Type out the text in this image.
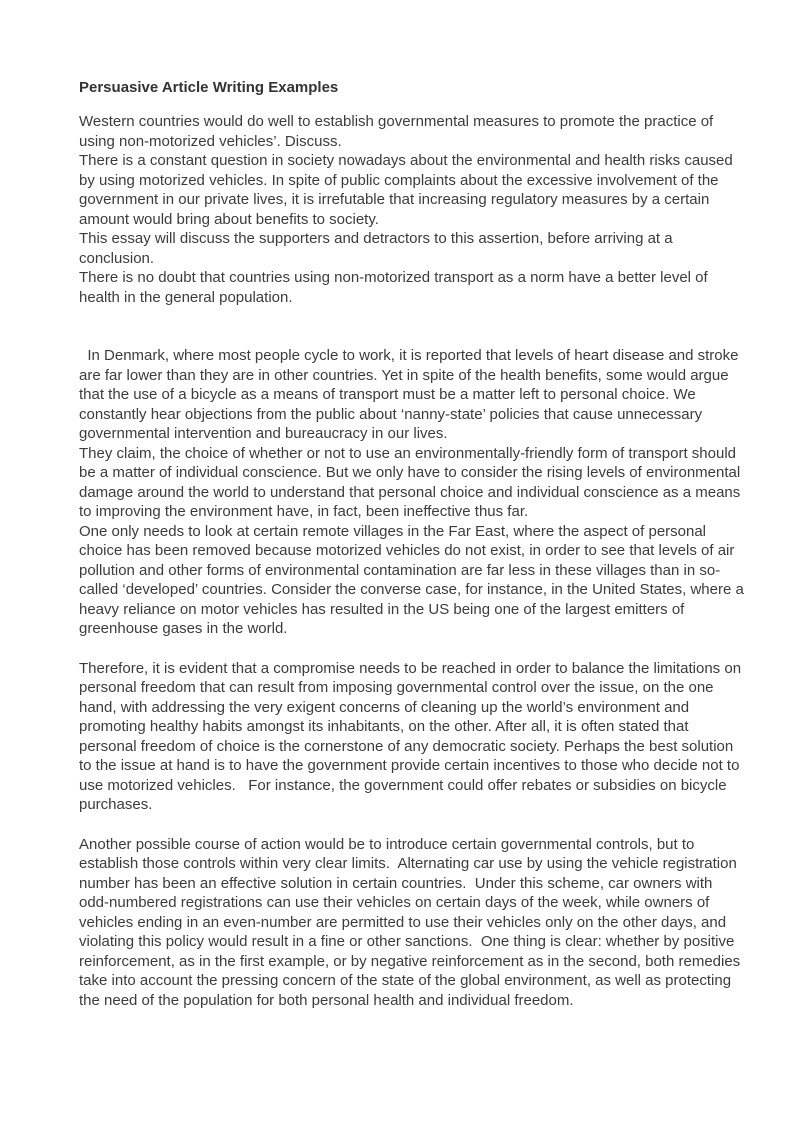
Persuasive Article Writing Examples

Western countries would do well to establish governmental measures to promote the practice of using non-motorized vehicles’. Discuss.

There is a constant question in society nowadays about the environmental and health risks caused by using motorized vehicles. In spite of public complaints about the excessive involvement of the government in our private lives, it is irrefutable that increasing regulatory measures by a certain amount would bring about benefits to society.

This essay will discuss the supporters and detractors to this assertion, before arriving at a conclusion.

There is no doubt that countries using non-motorized transport as a norm have a better level of health in the general population.

In Denmark, where most people cycle to work, it is reported that levels of heart disease and stroke are far lower than they are in other countries. Yet in spite of the health benefits, some would argue that the use of a bicycle as a means of transport must be a matter left to personal choice. We constantly hear objections from the public about ‘nanny-state’ policies that cause unnecessary governmental intervention and bureaucracy in our lives.

They claim, the choice of whether or not to use an environmentally-friendly form of transport should be a matter of individual conscience. But we only have to consider the rising levels of environmental damage around the world to understand that personal choice and individual conscience as a means to improving the environment have, in fact, been ineffective thus far.

One only needs to look at certain remote villages in the Far East, where the aspect of personal choice has been removed because motorized vehicles do not exist, in order to see that levels of air pollution and other forms of environmental contamination are far less in these villages than in so-called ‘developed’ countries. Consider the converse case, for instance, in the United States, where a heavy reliance on motor vehicles has resulted in the US being one of the largest emitters of greenhouse gases in the world.

Therefore, it is evident that a compromise needs to be reached in order to balance the limitations on personal freedom that can result from imposing governmental control over the issue, on the one hand, with addressing the very exigent concerns of cleaning up the world’s environment and promoting healthy habits amongst its inhabitants, on the other. After all, it is often stated that personal freedom of choice is the cornerstone of any democratic society. Perhaps the best solution to the issue at hand is to have the government provide certain incentives to those who decide not to use motorized vehicles.   For instance, the government could offer rebates or subsidies on bicycle purchases.

Another possible course of action would be to introduce certain governmental controls, but to establish those controls within very clear limits.  Alternating car use by using the vehicle registration number has been an effective solution in certain countries.  Under this scheme, car owners with odd-numbered registrations can use their vehicles on certain days of the week, while owners of vehicles ending in an even-number are permitted to use their vehicles only on the other days, and violating this policy would result in a fine or other sanctions.  One thing is clear: whether by positive reinforcement, as in the first example, or by negative reinforcement as in the second, both remedies take into account the pressing concern of the state of the global environment, as well as protecting the need of the population for both personal health and individual freedom.
